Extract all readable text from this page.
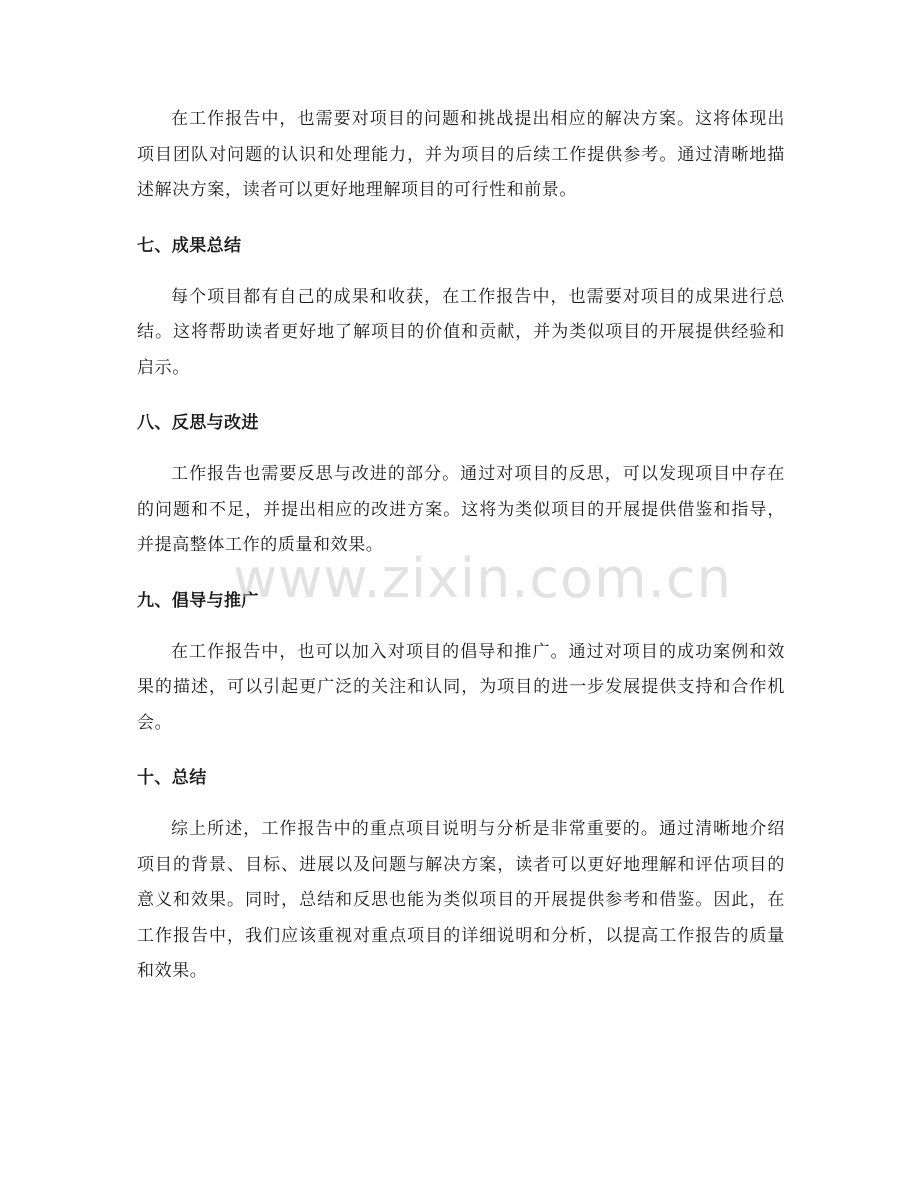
在工作报告中，也需要对项目的问题和挑战提出相应的解决方案。这将体现出项目团队对问题的认识和处理能力，并为项目的后续工作提供参考。通过清晰地描述解决方案，读者可以更好地理解项目的可行性和前景。

七、成果总结

每个项目都有自己的成果和收获，在工作报告中，也需要对项目的成果进行总结。这将帮助读者更好地了解项目的价值和贡献，并为类似项目的开展提供经验和启示。

八、反思与改进

工作报告也需要反思与改进的部分。通过对项目的反思，可以发现项目中存在的问题和不足，并提出相应的改进方案。这将为类似项目的开展提供借鉴和指导，并提高整体工作的质量和效果。

九、倡导与推广

在工作报告中，也可以加入对项目的倡导和推广。通过对项目的成功案例和效果的描述，可以引起更广泛的关注和认同，为项目的进一步发展提供支持和合作机会。

十、总结

综上所述，工作报告中的重点项目说明与分析是非常重要的。通过清晰地介绍项目的背景、目标、进展以及问题与解决方案，读者可以更好地理解和评估项目的意义和效果。同时，总结和反思也能为类似项目的开展提供参考和借鉴。因此，在工作报告中，我们应该重视对重点项目的详细说明和分析，以提高工作报告的质量和效果。

www.zixin.com.cn
